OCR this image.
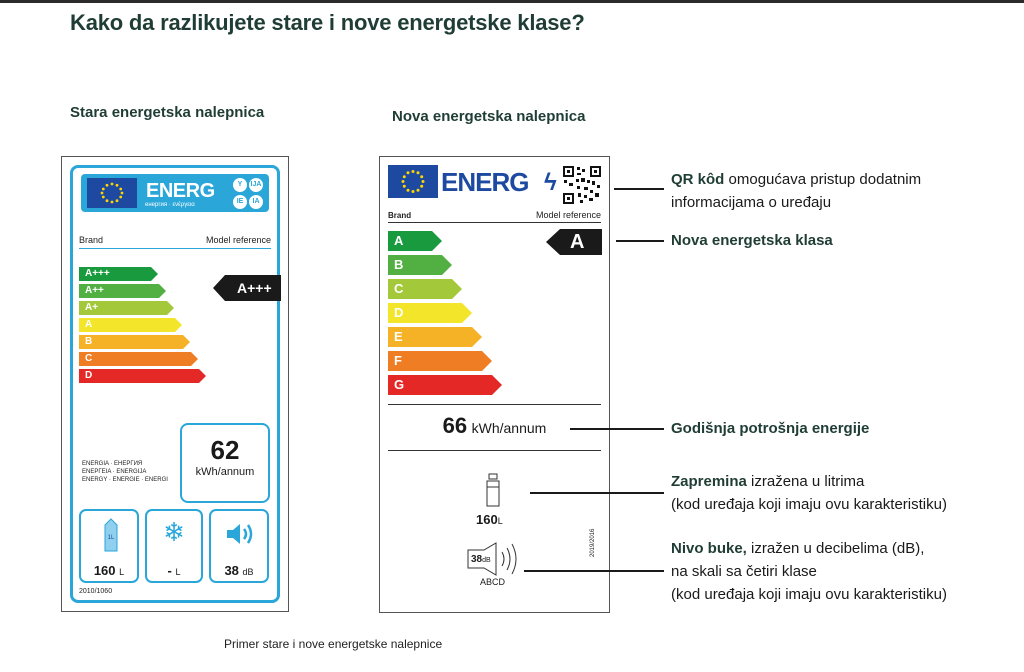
Kako da razlikujete stare i nove energetske klase?
Stara energetska nalepnica	Nova energetska nalepnica
ENERG
енергия · ενέργεια
Y	IJA
IE	IA
Brand	Model reference
A+++
A++
A+
A
B
C
D
A+++
62
kWh/annum
ENERGIA · ЕНЕРГИЯ
ΕΝΕΡΓΕΙΑ · ENERGIJA
ENERGY · ENERGIE · ENERGI
1L
160 L
❄
- L	38 dB
2010/1060
ENERG ϟ
Brand	Model reference
A
B
C
D
E
F
G
A
66 kWh/annum
160L
38dB
ABCD
2019/2016
QR kôd omogućava pristup dodatnim
informacijama o uređaju
Nova energetska klasa
Godišnja potrošnja energije
Zapremina izražena u litrima
(kod uređaja koji imaju ovu karakteristiku)
Nivo buke, izražen u decibelima (dB),
na skali sa četiri klase
(kod uređaja koji imaju ovu karakteristiku)
Primer stare i nove energetske nalepnice
